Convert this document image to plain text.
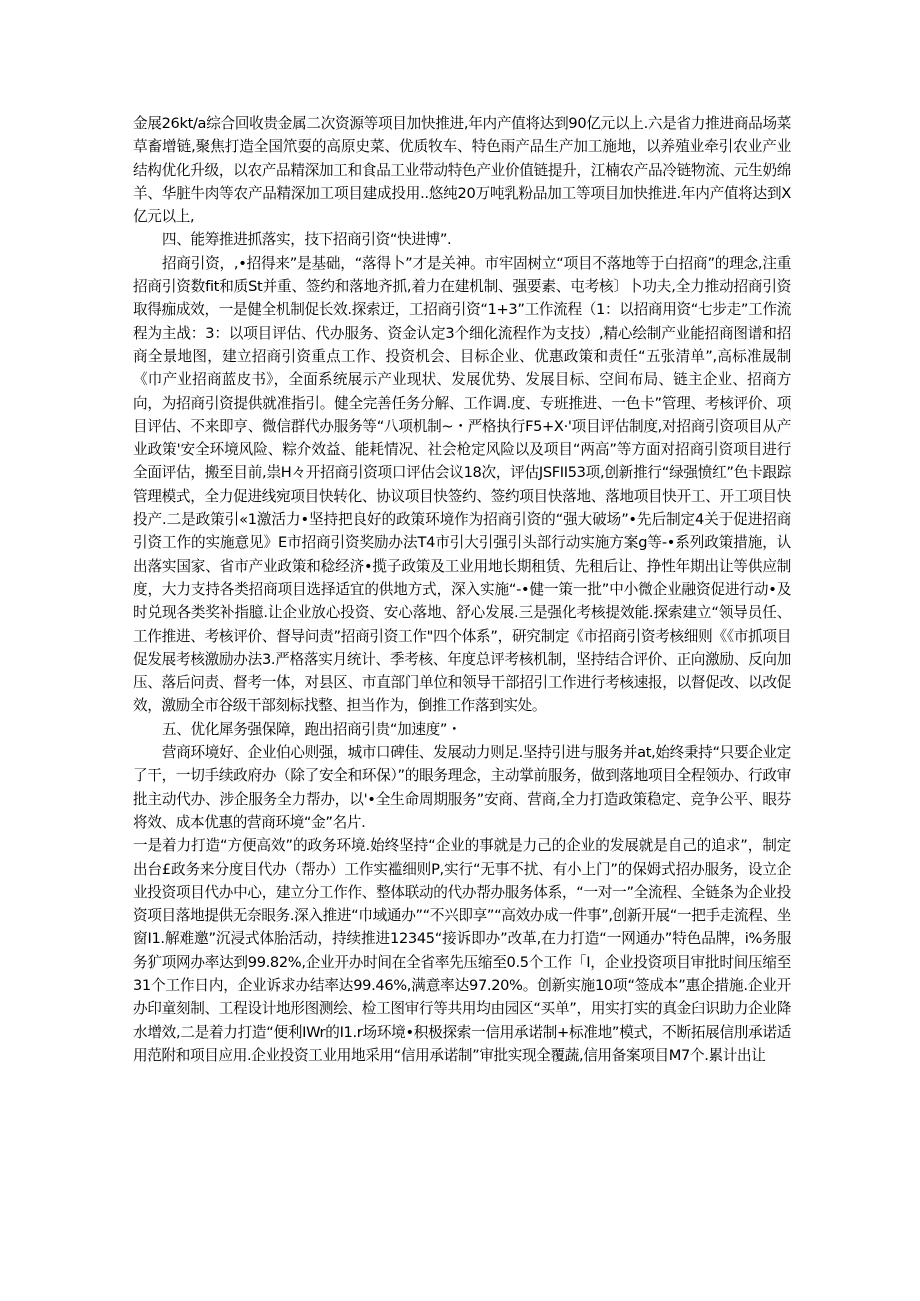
金展26kt/a综合回收贵金属二次资源等项目加快推进,年内产值将达到90亿元以上.六是省力推进商品场菜草畜增链,聚焦打造全国笊耍的高原史菜、优质牧车、特色雨产品生产加工施地，以养殖业牵引农业产业结构优化升级，以农产品精深加工和食品工业带动特色产业价值链提升，江楠农产品冷链物流、元生奶绵羊、华脏牛肉等农产品精深加工项目建成投用..悠纯20万吨乳粉品加工等项目加快推进.年内产值将达到X亿元以上,

四、能筹推进抓落实，技下招商引资“快进博”.

招商引资，,•招得来”是基础，“落得卜”才是关神。市牢固树立“项目不落地等于白招商”的理念,注重招商引资数fit和质St并重、签约和落地齐抓,着力在建机制、强要素、屯考核〕卜功夫,全力推动招商引资取得痂成效，一是健全机制促长效.探索迂，工招商引资“1+3”工作流程（1：以招商用资“七步走”工作流程为主战：3：以项目评估、代办服务、资金认定3个细化流程作为支技）,精心绘制产业能招商图谱和招商全景地图，建立招商引资重点工作、投资机会、目标企业、优惠政策和责任“五张清单”,高标准晟制《巾产业招商蓝皮书》，全面系统展示产业现状、发展优势、发展目标、空间布局、链主企业、招商方向，为招商引资提供就准指引。健全完善任务分解、工作调.度、专班推进、一色卡”管理、考核评价、项目评估、不来即亨、微信群代办服务等“八项机制~・严格执行F5+X·'项目评估制度,对招商引资项目从产业政策'安全环境风险、粽介效益、能耗情况、社会枪定风险以及项目“两高”等方面对招商引资项目进行全面评估，搬至目前,祟H々开招商引资项口评估会议18次，评估JSFII53项,创新推行“绿强愤红”色卡跟踪管理模式，全力促进线宛项目快转化、协议项目快签约、签约项目快落地、落地项目快开工、开工项目快投产.二是政策引«1激活力•坚持把良好的政策环境作为招商引资的“强大破场”•先后制定4关于促进招商引资工作的实施意见》E市招商引资奖励办法T4市引大引强引头部行动实施方案g等-•系列政策措施，认出落实国家、省市产业政策和稔经济•揽子政策及工业用地长期租赁、先租后让、挣性年期出让等供应制度，大力支持各类招商项目选择适宜的供地方式，深入实施“-•健一策一批”中小微企业融资促进行动•及时兑现各类奖补指臆.让企业放心投资、安心落地、舒心发展.三是强化考核提效能.探索建立“领导员任、工作推进、考核评价、督导问责”招商引资工作"四个体系”，研究制定《市招商引资考核细则《《市抓项目促发展考核激励办法3.严格落实月统计、季考核、年度总评考核机制，坚持结合评价、正向激励、反向加压、落后问责、督考一体，对县区、市直部门单位和领导干部招引工作进行考核速报，以督促改、以改促效，激励全市谷级干部刻标找整、担当作为，倒推工作落到实处。

五、优化犀务强保障，跑出招商引贵“加速度”・

营商环境好、企业伯心则强，城市口碑佳、发展动力则足.坚持引进与服务并at,始终秉持“只要企业定了干，一切手续政府办（除了安全和环保）”的眼务理念，主动掌前服务，做到落地项目全程领办、行政审批主动代办、涉企服务全力帮办，以'•全生命周期服务”安商、营商,全力打造政策稳定、竞争公平、眼芬将效、成本优惠的营商环境“金”名片.

一是着力打造“方便高效”的政务环境.始终坚持“企业的事就是力己的企业的发展就是自己的追求”，制定出台£政务来分度目代办（帮办）工作实褴细则P,实行“无事不扰、有小上门”的保姆式招办服务，设立企业投资项目代办中心，建立分工作作、整体联动的代办帮办服务体系，“一对一”全流程、全链条为企业投资项目落地提供无奈眼务.深入推进“巾域通办”“不兴即享”“高效办成一件事”,创新开展“一把手走流程、坐窗I1.解难邀”沉浸式体胎活动，持续推进12345“接诉即办”改革,在力打造“一网通办”特色品牌，i%务服务犷项网办率达到99.82%,企业开办时间在全省率先压缩至0.5个工作「I，企业投资项目审批时间压缩至31个工作日内，企业诉求办结率达99.46%,满意率达97.20%。创新实施10项“签成本”惠企措施.企业开办印童刻制、工程设计地形图测绘、检工图审行等共用均由园区“买单”，用实打实的真金臼识助力企业降水增效,二是着力打造“便利IWr的I1.r场环境•积极探索一信用承诺制+标准地”模式，不断拓展信刖承诺适用范附和项目应用.企业投资工业用地采用“信用承诺制”审批实现全覆蔬,信用备案项目M7个.累计出让
